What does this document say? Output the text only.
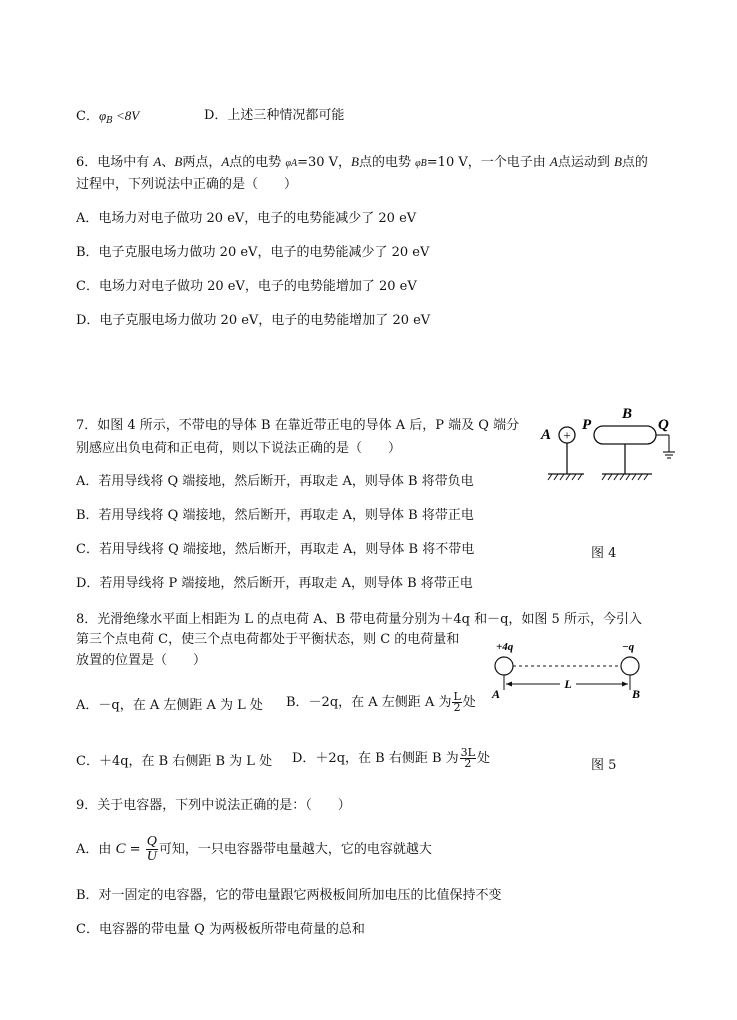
C．$\varphi_B <8V$	D．上述三种情况都可能
6．电场中有 A、B两点，A点的电势 φA=30 V，B点的电势 φB=10 V，一个电子由 A点运动到 B点的
过程中，下列说法中正确的是（　　）
A．电场力对电子做功 20 eV，电子的电势能减少了 20 eV
B．电子克服电场力做功 20 eV，电子的电势能减少了 20 eV
C．电场力对电子做功 20 eV，电子的电势能增加了 20 eV
D．电子克服电场力做功 20 eV，电子的电势能增加了 20 eV
7．如图 4 所示，不带电的导体 B 在靠近带正电的导体 A 后，P 端及 Q 端分
别感应出负电荷和正电荷，则以下说法正确的是（　　）
A．若用导线将 Q 端接地，然后断开，再取走 A，则导体 B 将带负电
B．若用导线将 Q 端接地，然后断开，再取走 A，则导体 B 将带正电
C．若用导线将 Q 端接地，然后断开，再取走 A，则导体 B 将不带电
D．若用导线将 P 端接地，然后断开，再取走 A，则导体 B 将带正电
图 4
A +
P
B
Q
8．光滑绝缘水平面上相距为 L 的点电荷 A、B 带电荷量分别为＋4q 和－q，如图 5 所示，今引入
第三个点电荷 C，使三个点电荷都处于平衡状态，则 C 的电荷量和
放置的位置是（　　）
A．－q，在 A 左侧距 A 为 L 处 B．－2q，在 A 左侧距 A 为 $\frac{L}{2}$ 处
C．＋4q，在 B 右侧距 B 为 L 处 D．＋2q，在 B 右侧距 B 为 $\frac{3L}{2}$ 处	图 5
+4q	−q
L
A	B
9．关于电容器，下列中说法正确的是：（　　）
A．由 $C = \frac{Q}{U}$ 可知，一只电容器带电量越大，它的电容就越大
B．对一固定的电容器，它的带电量跟它两极板间所加电压的比值保持不变
C．电容器的带电量 Q 为两极板所带电荷量的总和
